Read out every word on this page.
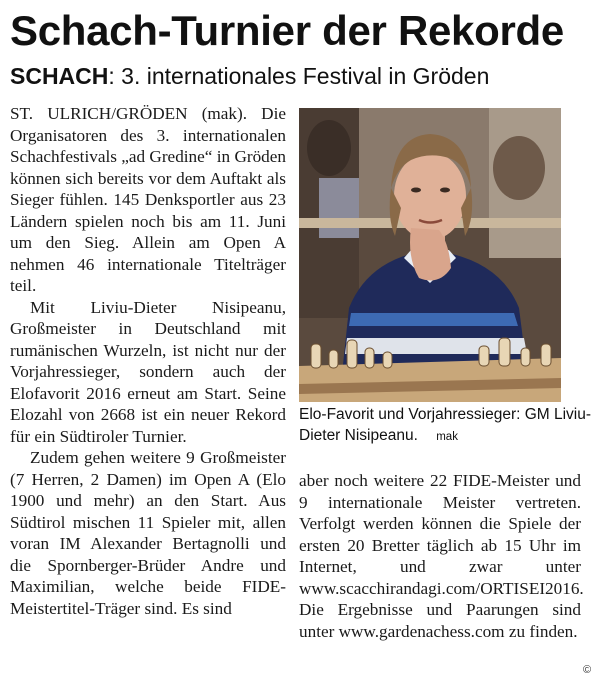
Schach-Turnier der Rekorde
SCHACH: 3. internationales Festival in Gröden

ST. ULRICH/GRÖDEN (mak). Die Organisatoren des 3. internationalen Schachfestivals „ad Gredine“ in Gröden können sich bereits vor dem Auftakt als Sieger fühlen. 145 Denksportler aus 23 Ländern spielen noch bis am 11. Juni um den Sieg. Allein am Open A nehmen 46 internationale Titelträger teil.

Mit Liviu-Dieter Nisipeanu, Großmeister in Deutschland mit rumänischen Wurzeln, ist nicht nur der Vorjahressieger, sondern auch der Elofavorit 2016 erneut am Start. Seine Elozahl von 2668 ist ein neuer Rekord für ein Südtiroler Turnier.

Zudem gehen weitere 9 Großmeister (7 Herren, 2 Damen) im Open A (Elo 1900 und mehr) an den Start. Aus Südtirol mischen 11 Spieler mit, allen voran IM Alexander Bertagnolli und die Spornberger-Brüder Andre und Maximilian, welche beide FIDE-Meistertitel-Träger sind. Es sind

Elo-Favorit und Vorjahressieger: GM Liviu-Dieter Nisipeanu. mak

aber noch weitere 22 FIDE-Meister und 9 internationale Meister vertreten. Verfolgt werden können die Spiele der ersten 20 Bretter täglich ab 15 Uhr im Internet, und zwar unter www.scacchirandagi.com/ORTISEI2016. Die Ergebnisse und Paarungen sind unter www.gardenachess.com zu finden.

©
